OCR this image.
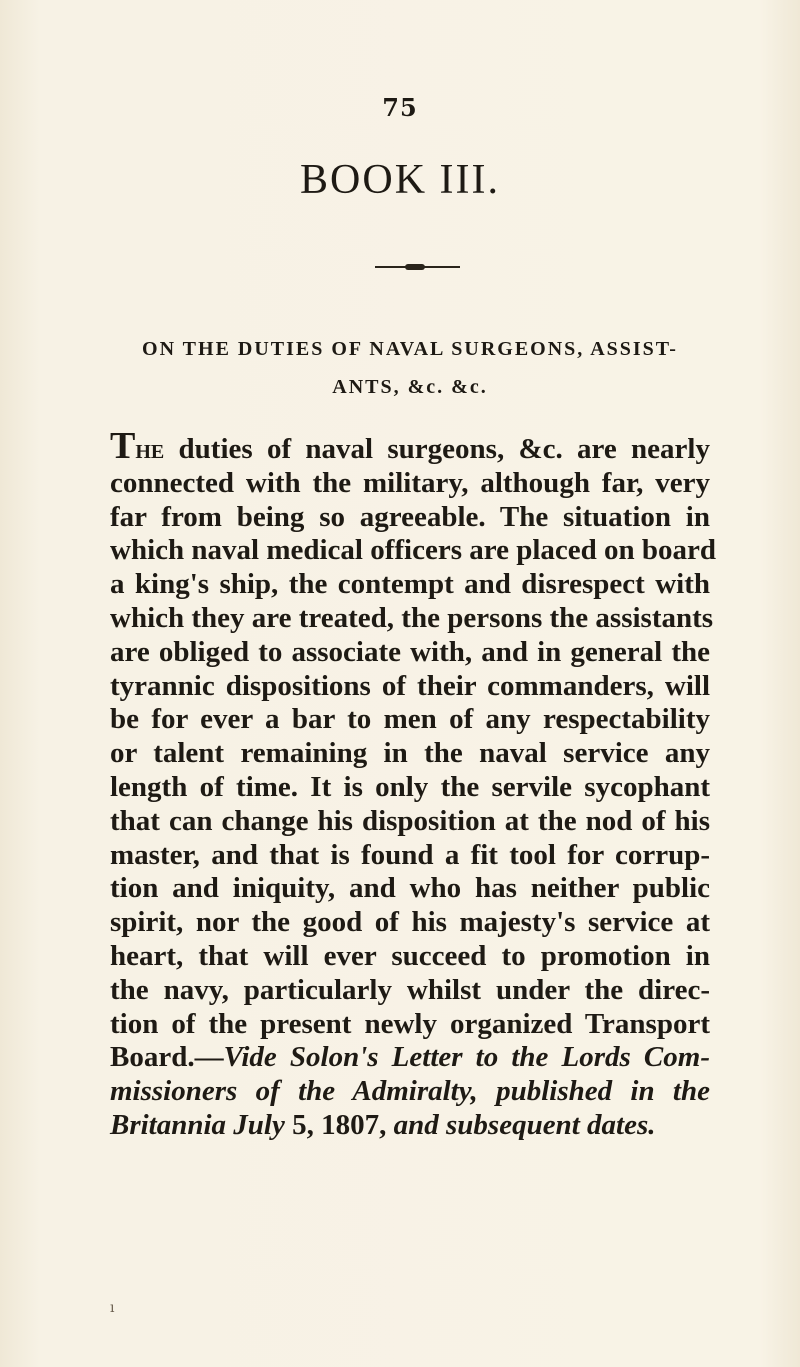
75
BOOK III.
ON THE DUTIES OF NAVAL SURGEONS, ASSIST-
ANTS, &c. &c.
The duties of naval surgeons, &c. are nearly
connected with the military, although far, very
far from being so agreeable. The situation in
which naval medical officers are placed on board
a king's ship, the contempt and disrespect with
which they are treated, the persons the assistants
are obliged to associate with, and in general the
tyrannic dispositions of their commanders, will
be for ever a bar to men of any respectability
or talent remaining in the naval service any
length of time. It is only the servile sycophant
that can change his disposition at the nod of his
master, and that is found a fit tool for corrup-
tion and iniquity, and who has neither public
spirit, nor the good of his majesty's service at
heart, that will ever succeed to promotion in
the navy, particularly whilst under the direc-
tion of the present newly organized Transport
Board.—Vide Solon's Letter to the Lords Com-
missioners of the Admiralty, published in the
Britannia July 5, 1807, and subsequent dates.
ı
